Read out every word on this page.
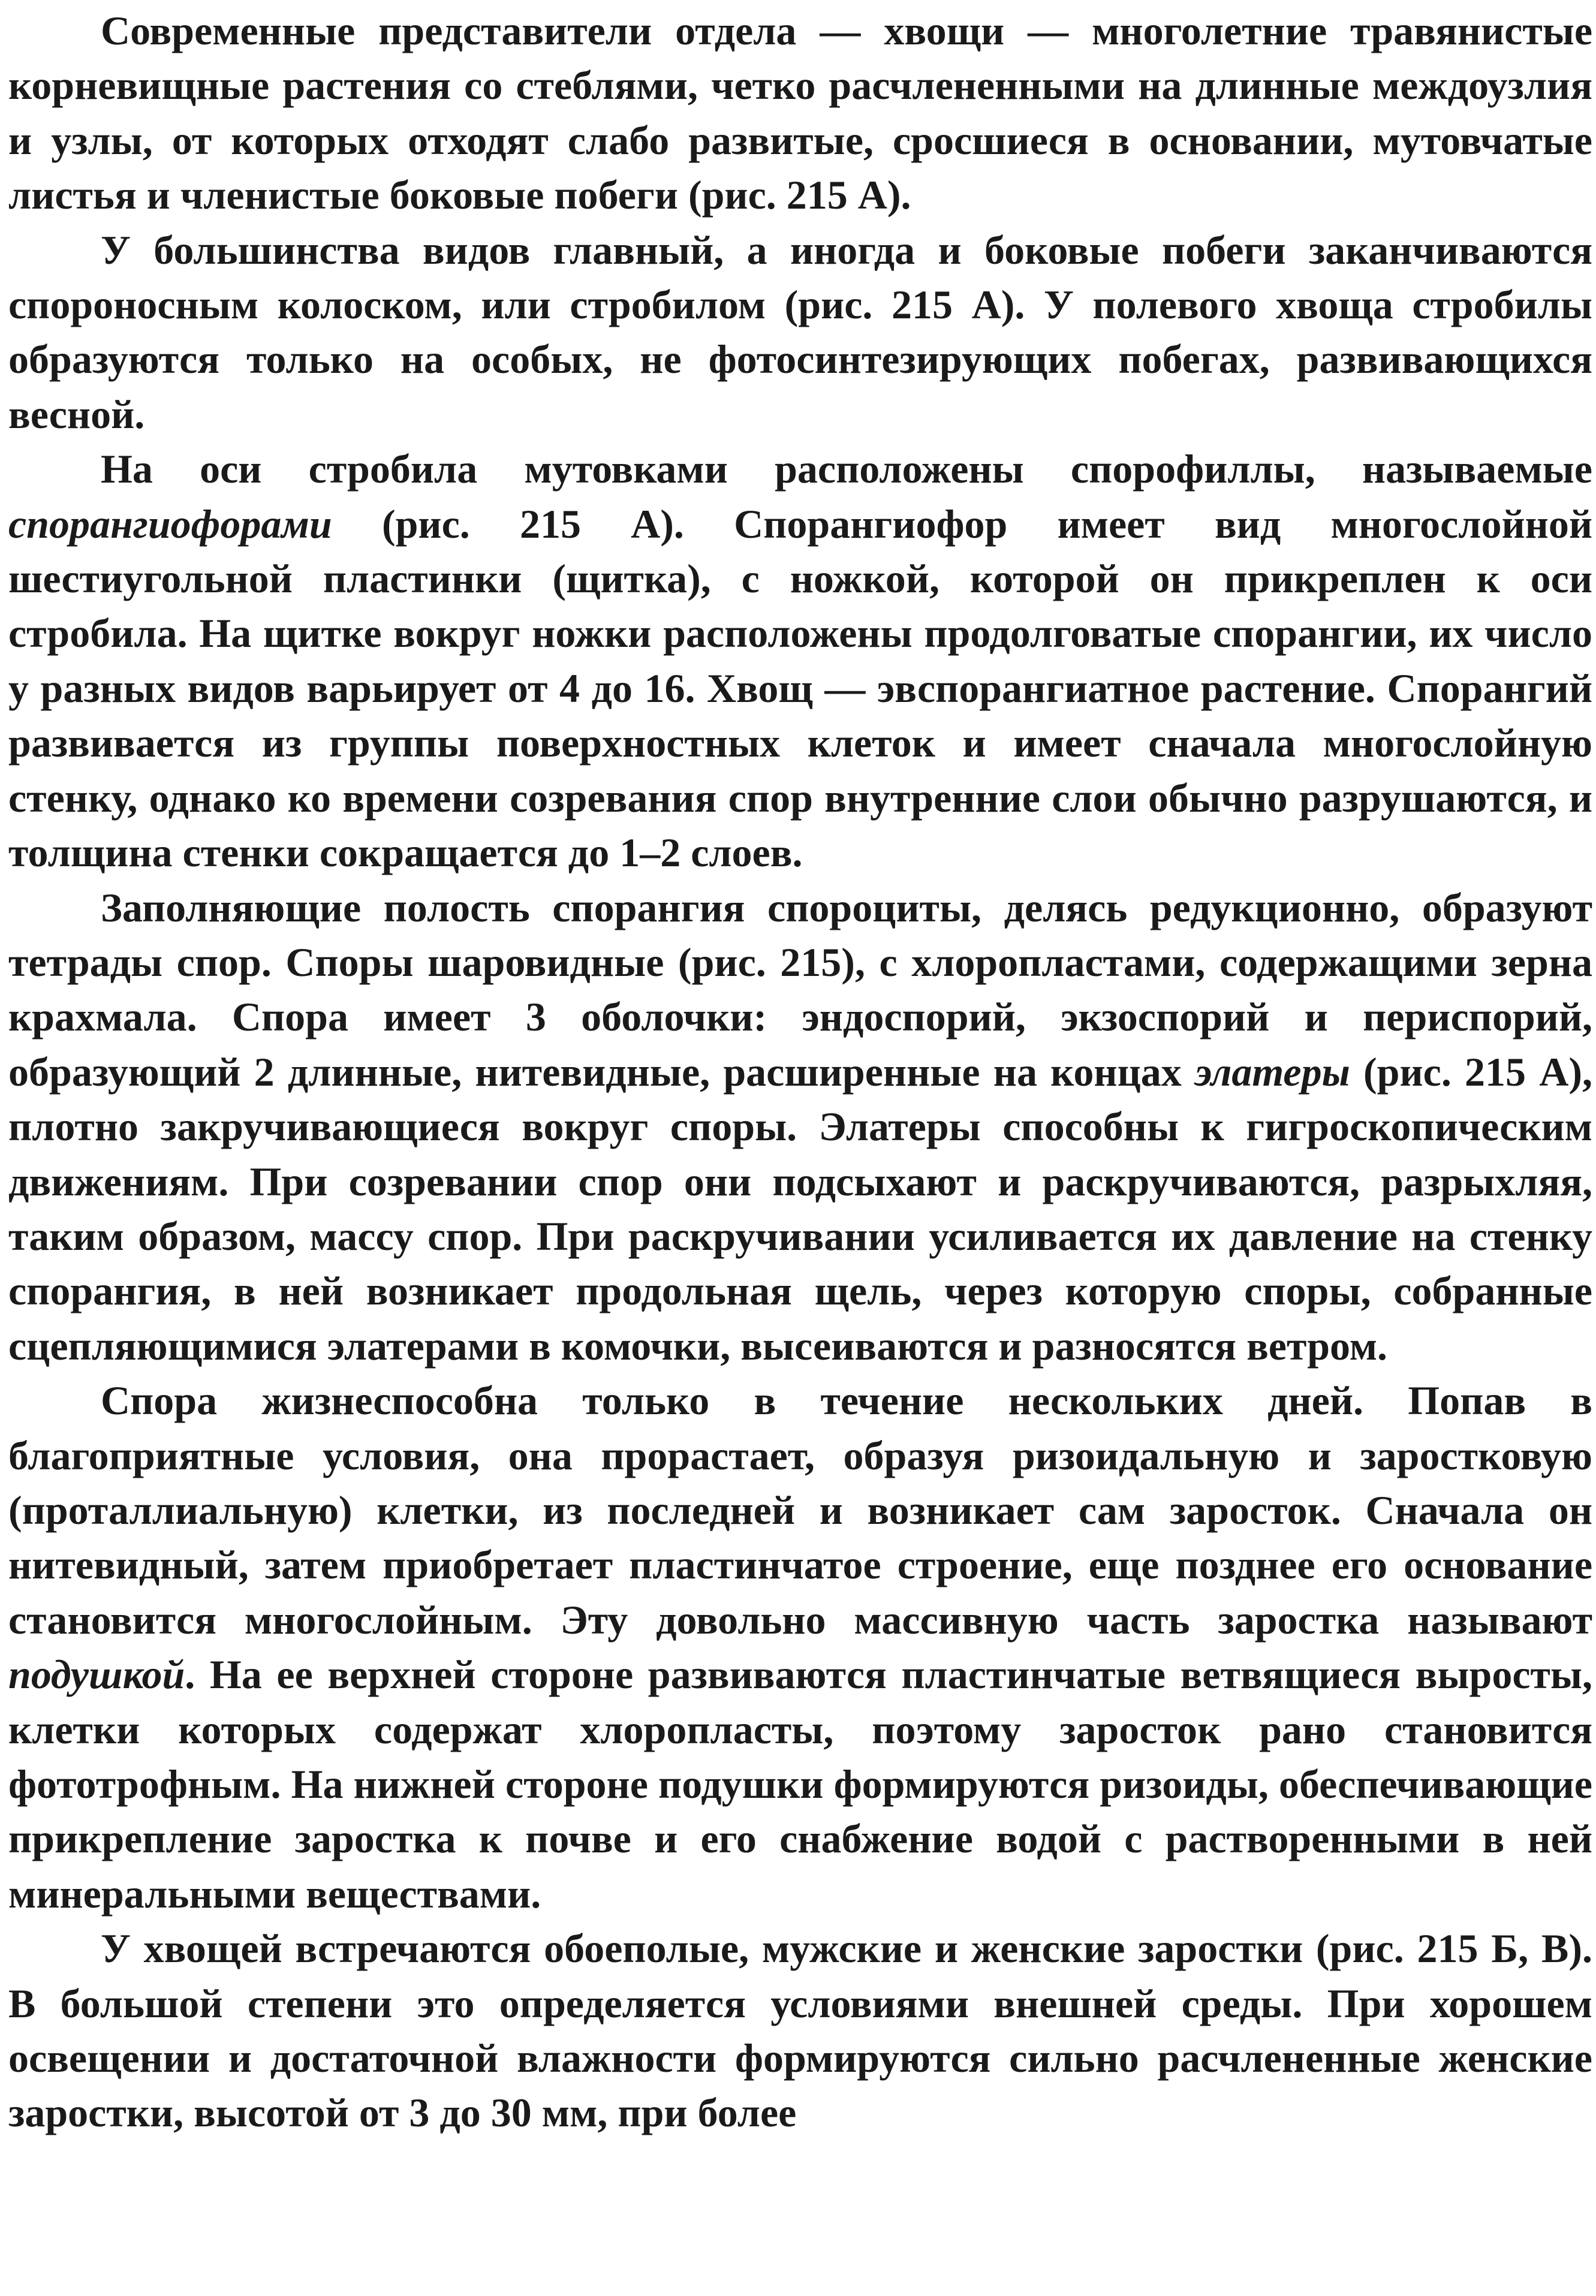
Современные представители отдела — хвощи — многолетние травянистые корневищные растения со стеблями, четко расчлененными на длинные междоузлия и узлы, от которых отходят слабо развитые, сросшиеся в основании, мутовчатые листья и членистые боковые побеги (рис. 215 А).

У большинства видов главный, а иногда и боковые побеги заканчиваются спороносным колоском, или стробилом (рис. 215 А). У полевого хвоща стробилы образуются только на особых, не фотосинтезирующих побегах, развивающихся весной.

На оси стробила мутовками расположены спорофиллы, называемые спорангиофорами (рис. 215 А). Спорангиофор имеет вид многослойной шестиугольной пластинки (щитка), с ножкой, которой он прикреплен к оси стробила. На щитке вокруг ножки расположены продолговатые спорангии, их число у разных видов варьирует от 4 до 16. Хвощ — эвспорангиатное растение. Спорангий развивается из группы поверхностных клеток и имеет сначала многослойную стенку, однако ко времени созревания спор внутренние слои обычно разрушаются, и толщина стенки сокращается до 1–2 слоев.

Заполняющие полость спорангия спороциты, делясь редукционно, образуют тетрады спор. Споры шаровидные (рис. 215), с хлоропластами, содержащими зерна крахмала. Спора имеет 3 оболочки: эндоспорий, экзоспорий и периспорий, образующий 2 длинные, нитевидные, расширенные на концах элатеры (рис. 215 А), плотно закручивающиеся вокруг споры. Элатеры способны к гигроскопическим движениям. При созревании спор они подсыхают и раскручиваются, разрыхляя, таким образом, массу спор. При раскручивании усиливается их давление на стенку спорангия, в ней возникает продольная щель, через которую споры, собранные сцепляющимися элатерами в комочки, высеиваются и разносятся ветром.

Спора жизнеспособна только в течение нескольких дней. Попав в благоприятные условия, она прорастает, образуя ризоидальную и заростковую (проталлиальную) клетки, из последней и возникает сам заросток. Сначала он нитевидный, затем приобретает пластинчатое строение, еще позднее его основание становится многослойным. Эту довольно массивную часть заростка называют подушкой. На ее верхней стороне развиваются пластинчатые ветвящиеся выросты, клетки которых содержат хлоропласты, поэтому заросток рано становится фототрофным. На нижней стороне подушки формируются ризоиды, обеспечивающие прикрепление заростка к почве и его снабжение водой с растворенными в ней минеральными веществами.

У хвощей встречаются обоеполые, мужские и женские заростки (рис. 215 Б, В). В большой степени это определяется условиями внешней среды. При хорошем освещении и достаточной влажности формируются сильно расчлененные женские заростки, высотой от 3 до 30 мм, при более
